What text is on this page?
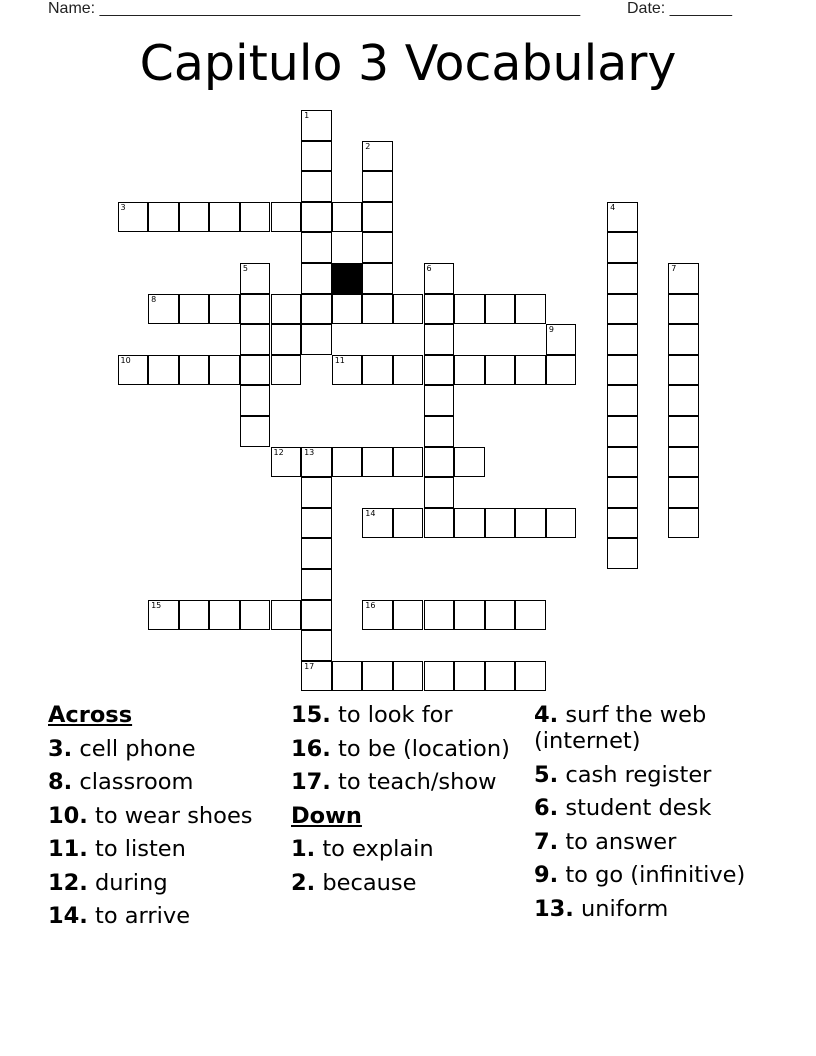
Name: ______________________________________________________	Date: _______
Capitulo 3 Vocabulary
1
2
3	4
5	6	7
8
9
10	11
12	13
14
15	16
17
Across
3. cell phone
8. classroom
10. to wear shoes
11. to listen
12. during
14. to arrive
15. to look for
16. to be (location)
17. to teach/show
Down
1. to explain
2. because
4. surf the web (internet)
5. cash register
6. student desk
7. to answer
9. to go (infinitive)
13. uniform
